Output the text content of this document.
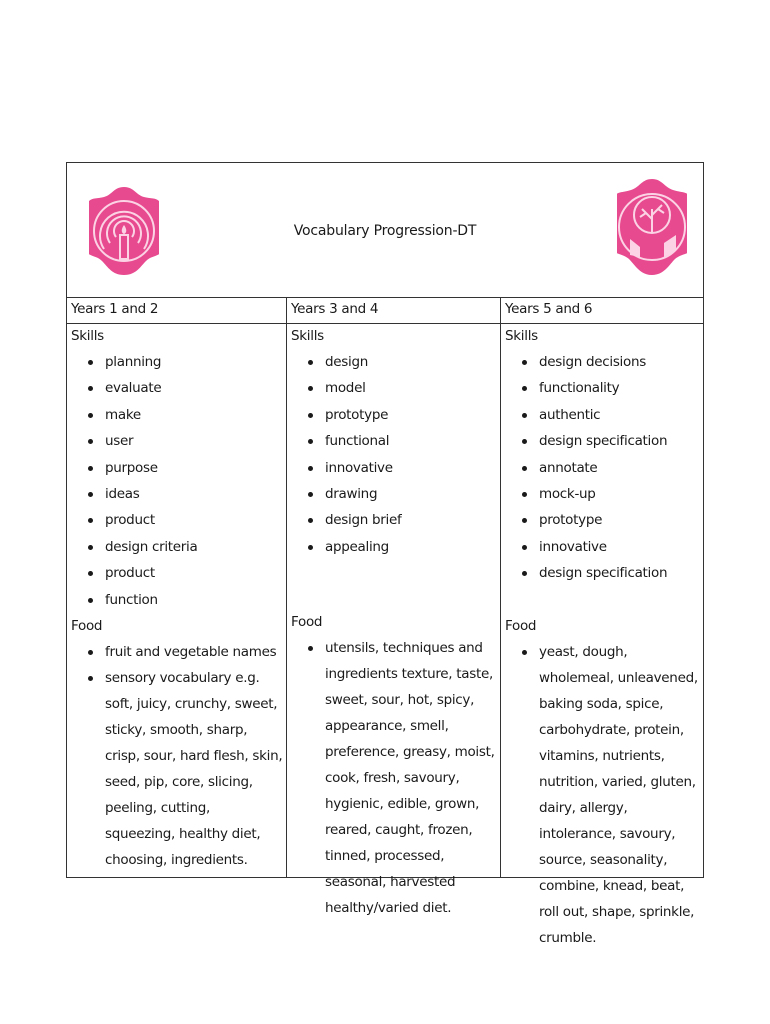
Vocabulary Progression-DT
Years 1 and 2	Years 3 and 4	Years 5 and 6
Skills
planning
evaluate
make
user
purpose
ideas
product
design criteria
product
function
Food
fruit and vegetable names
sensory vocabulary e.g. soft, juicy, crunchy, sweet, sticky, smooth, sharp, crisp, sour, hard flesh, skin, seed, pip, core, slicing, peeling, cutting, squeezing, healthy diet, choosing, ingredients.
Skills
design
model
prototype
functional
innovative
drawing
design brief
appealing
Food
utensils, techniques and ingredients texture, taste, sweet, sour, hot, spicy, appearance, smell, preference, greasy, moist, cook, fresh, savoury, hygienic, edible, grown, reared, caught, frozen, tinned, processed, seasonal, harvested healthy/varied diet.
Skills
design decisions
functionality
authentic
design specification
annotate
mock-up
prototype
innovative
design specification
Food
yeast, dough, wholemeal, unleavened, baking soda, spice, carbohydrate, protein, vitamins, nutrients, nutrition, varied, gluten, dairy, allergy, intolerance, savoury, source, seasonality, combine, knead, beat, roll out, shape, sprinkle, crumble.
